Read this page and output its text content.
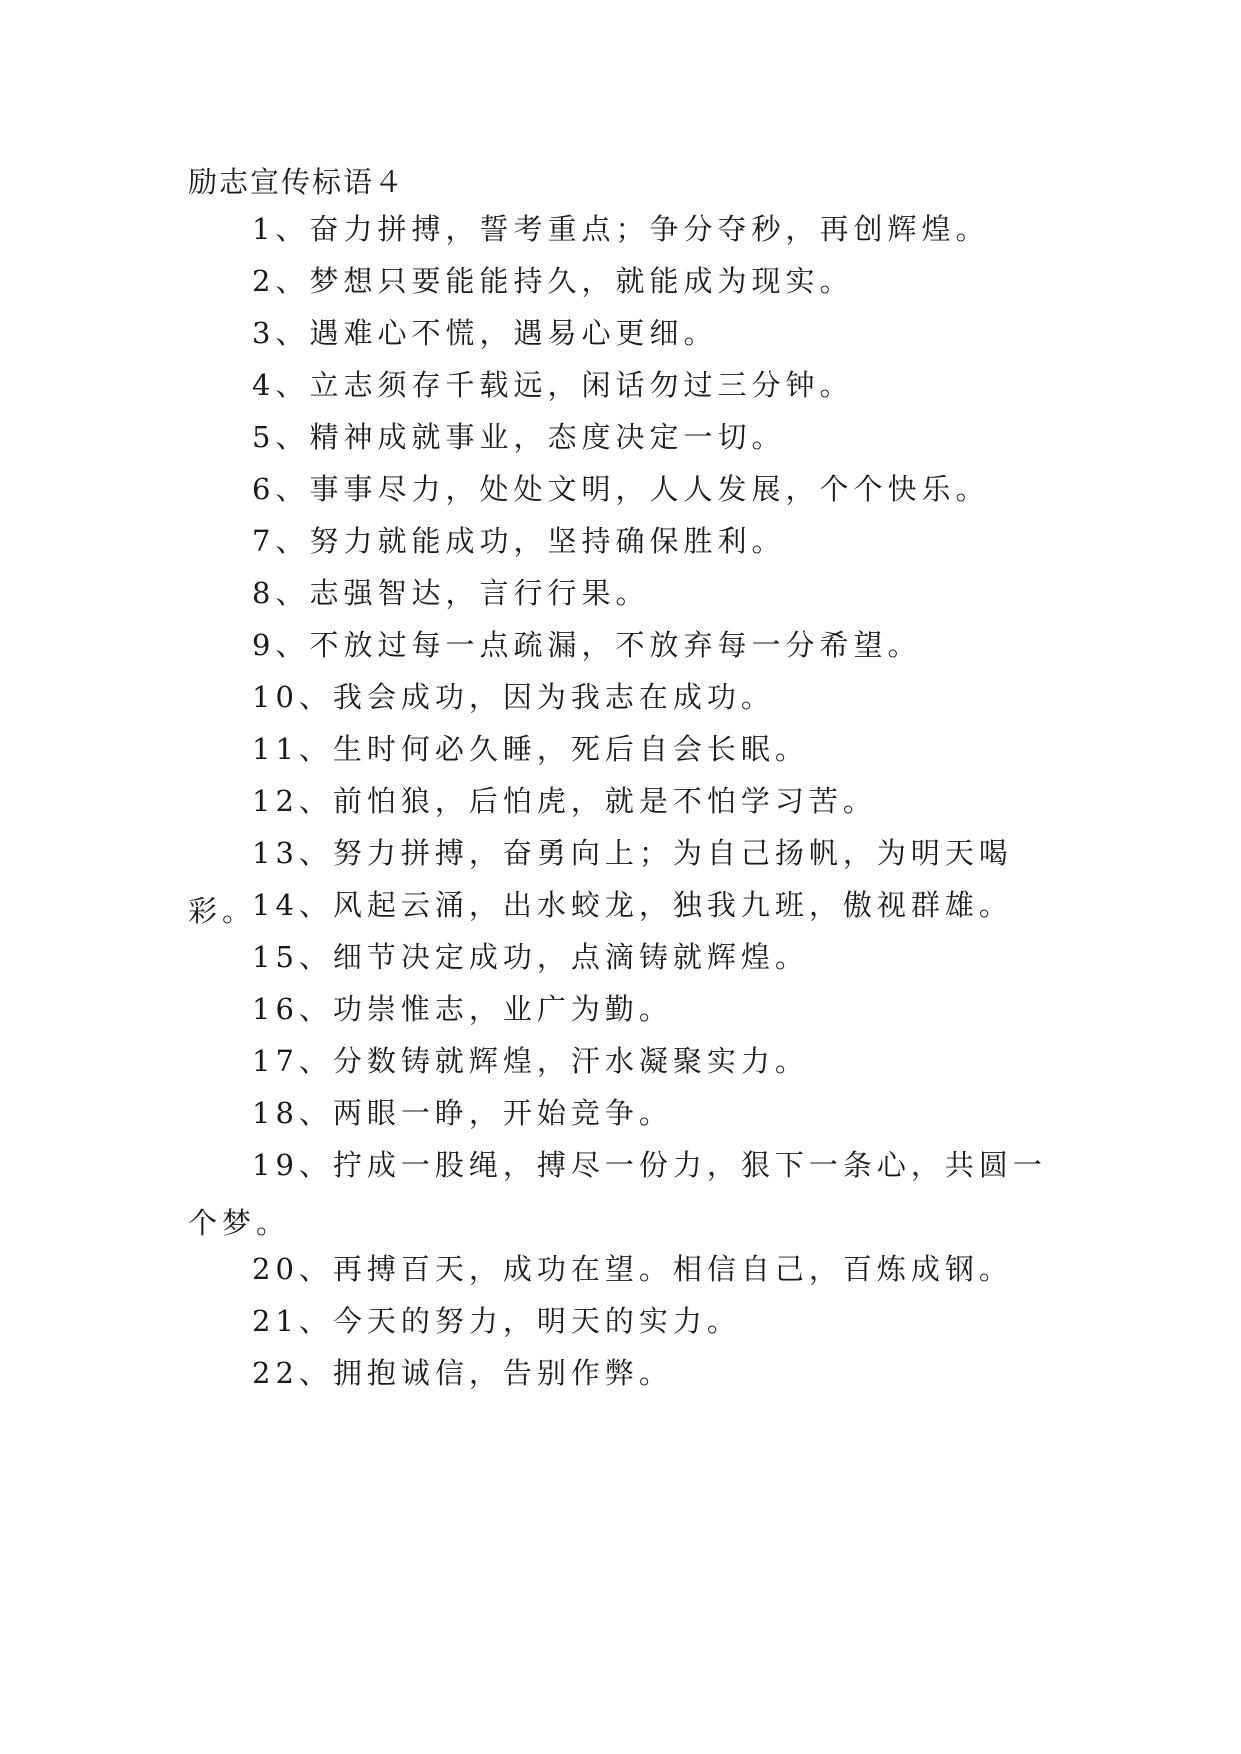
励志宣传标语４
1、奋力拼搏，誓考重点；争分夺秒，再创辉煌。
2、梦想只要能能持久，就能成为现实。
3、遇难心不慌，遇易心更细。
4、立志须存千载远，闲话勿过三分钟。
5、精神成就事业，态度决定一切。
6、事事尽力，处处文明，人人发展，个个快乐。
7、努力就能成功，坚持确保胜利。
8、志强智达，言行行果。
9、不放过每一点疏漏，不放弃每一分希望。
10、我会成功，因为我志在成功。
11、生时何必久睡，死后自会长眠。
12、前怕狼，后怕虎，就是不怕学习苦。
13、努力拼搏，奋勇向上；为自己扬帆，为明天喝彩。
14、风起云涌，出水蛟龙，独我九班，傲视群雄。
15、细节决定成功，点滴铸就辉煌。
16、功崇惟志，业广为勤。
17、分数铸就辉煌，汗水凝聚实力。
18、两眼一睁，开始竞争。
19、拧成一股绳，搏尽一份力，狠下一条心，共圆一个梦。
20、再搏百天，成功在望。相信自己，百炼成钢。
21、今天的努力，明天的实力。
22、拥抱诚信，告别作弊。
